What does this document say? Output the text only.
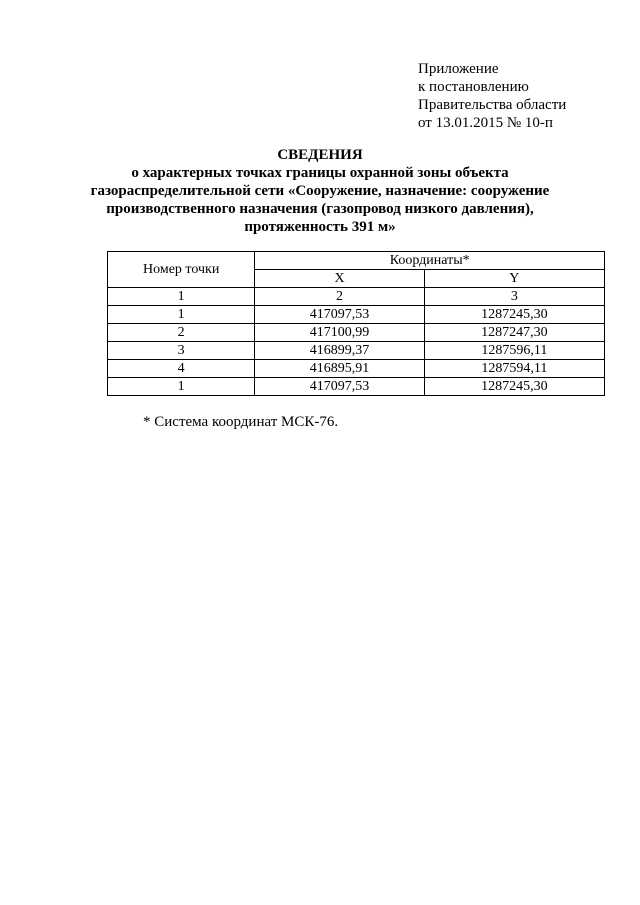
Приложение
к постановлению
Правительства области
от 13.01.2015 № 10-п
СВЕДЕНИЯ
о характерных точках границы охранной зоны объекта
газораспределительной сети «Сооружение, назначение: сооружение
производственного назначения (газопровод низкого давления),
протяженность 391 м»
Номер точки	Координаты*	
	X	Y
1	2	3
1	417097,53	1287245,30
2	417100,99	1287247,30
3	416899,37	1287596,11
4	416895,91	1287594,11
1	417097,53	1287245,30
* Система координат МСК-76.
